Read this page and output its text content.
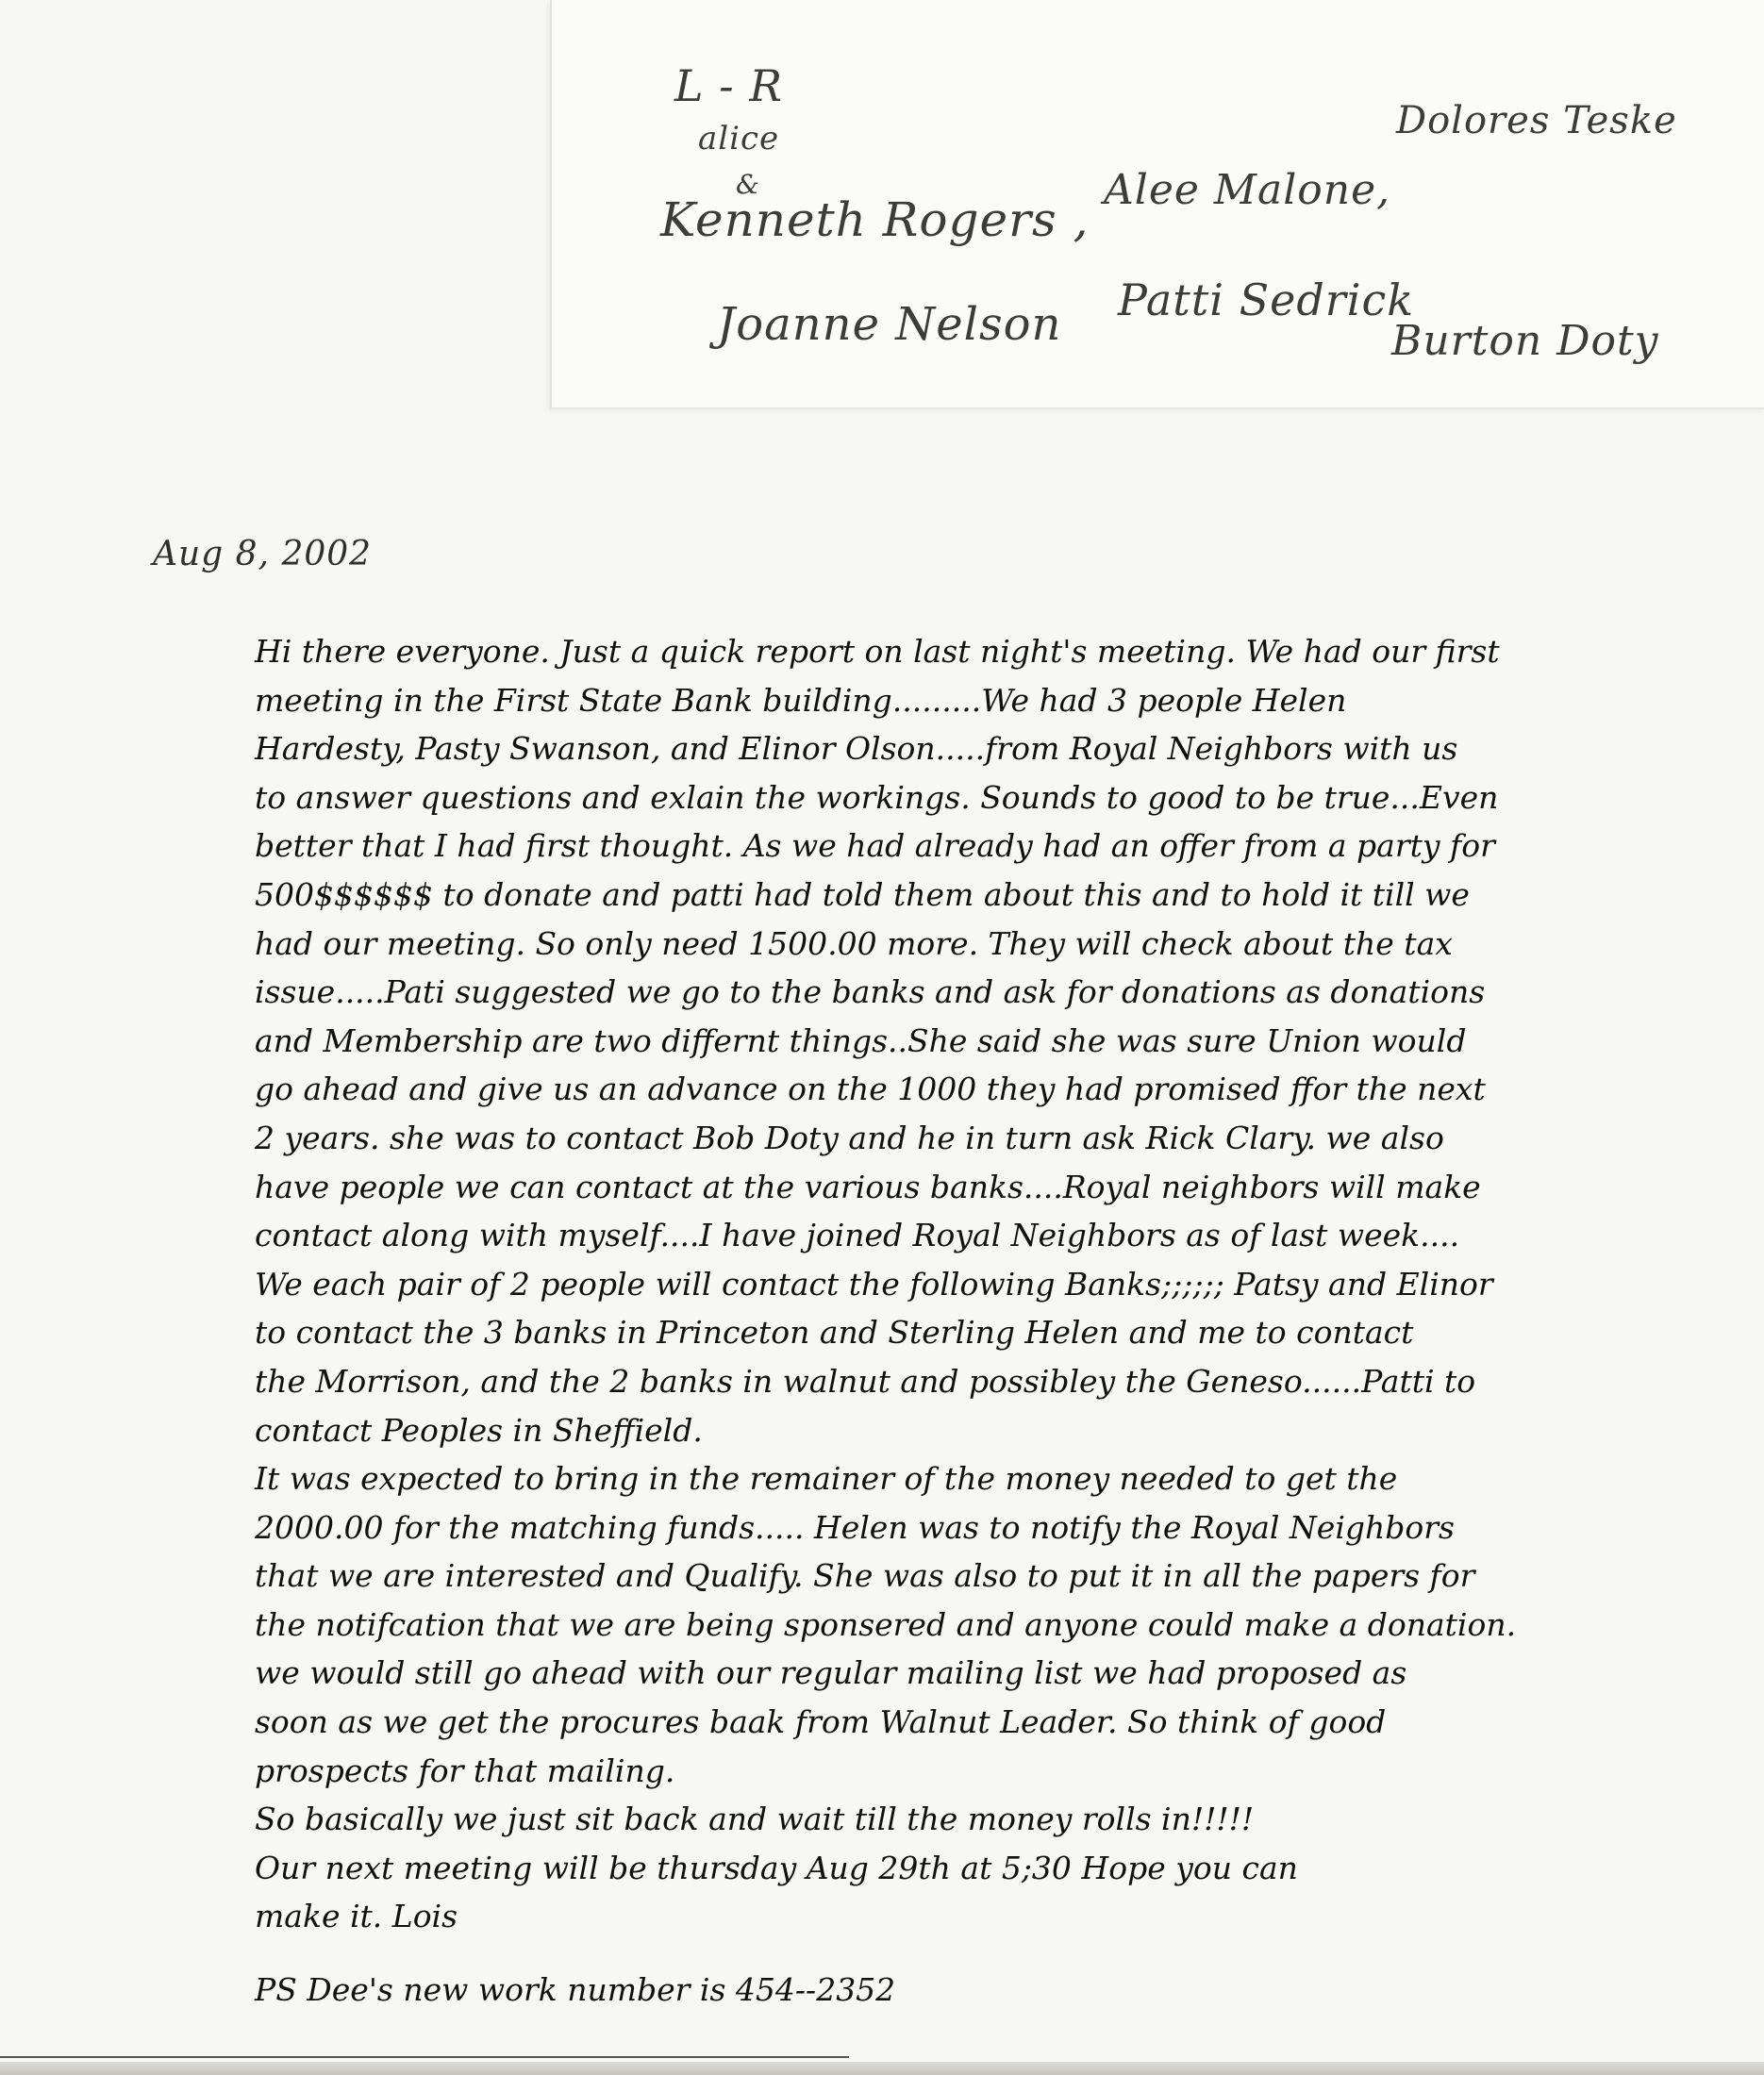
L - R
alice
&
Kenneth Rogers ,
Alee Malone,
Dolores Teske
Joanne Nelson Patti Sedrick
Burton Doty
Aug 8, 2002
Hi there everyone. Just a quick report on last night's meeting. We had our first
meeting in the First State Bank building.........We had 3 people Helen
Hardesty, Pasty Swanson, and Elinor Olson.....from Royal Neighbors with us
to answer questions and exlain the workings. Sounds to good to be true...Even
better that I had first thought. As we had already had an offer from a party for
500$$$$$$ to donate and patti had told them about this and to hold it till we
had our meeting. So only need 1500.00 more. They will check about the tax
issue.....Pati suggested we go to the banks and ask for donations as donations
and Membership are two differnt things..She said she was sure Union would
go ahead and give us an advance on the 1000 they had promised ffor the next
2 years. she was to contact Bob Doty and he in turn ask Rick Clary. we also
have people we can contact at the various banks....Royal neighbors will make
contact along with myself....I have joined Royal Neighbors as of last week....
We each pair of 2 people will contact the following Banks;;;;;; Patsy and Elinor
to contact the 3 banks in Princeton and Sterling Helen and me to contact
the Morrison, and the 2 banks in walnut and possibley the Geneso......Patti to
contact Peoples in Sheffield.
It was expected to bring in the remainer of the money needed to get the
2000.00 for the matching funds..... Helen was to notify the Royal Neighbors
that we are interested and Qualify. She was also to put it in all the papers for
the notifcation that we are being sponsered and anyone could make a donation.
we would still go ahead with our regular mailing list we had proposed as
soon as we get the procures baak from Walnut Leader. So think of good
prospects for that mailing.
So basically we just sit back and wait till the money rolls in!!!!!
Our next meeting will be thursday Aug 29th at 5;30 Hope you can
make it. Lois
PS Dee's new work number is 454--2352
